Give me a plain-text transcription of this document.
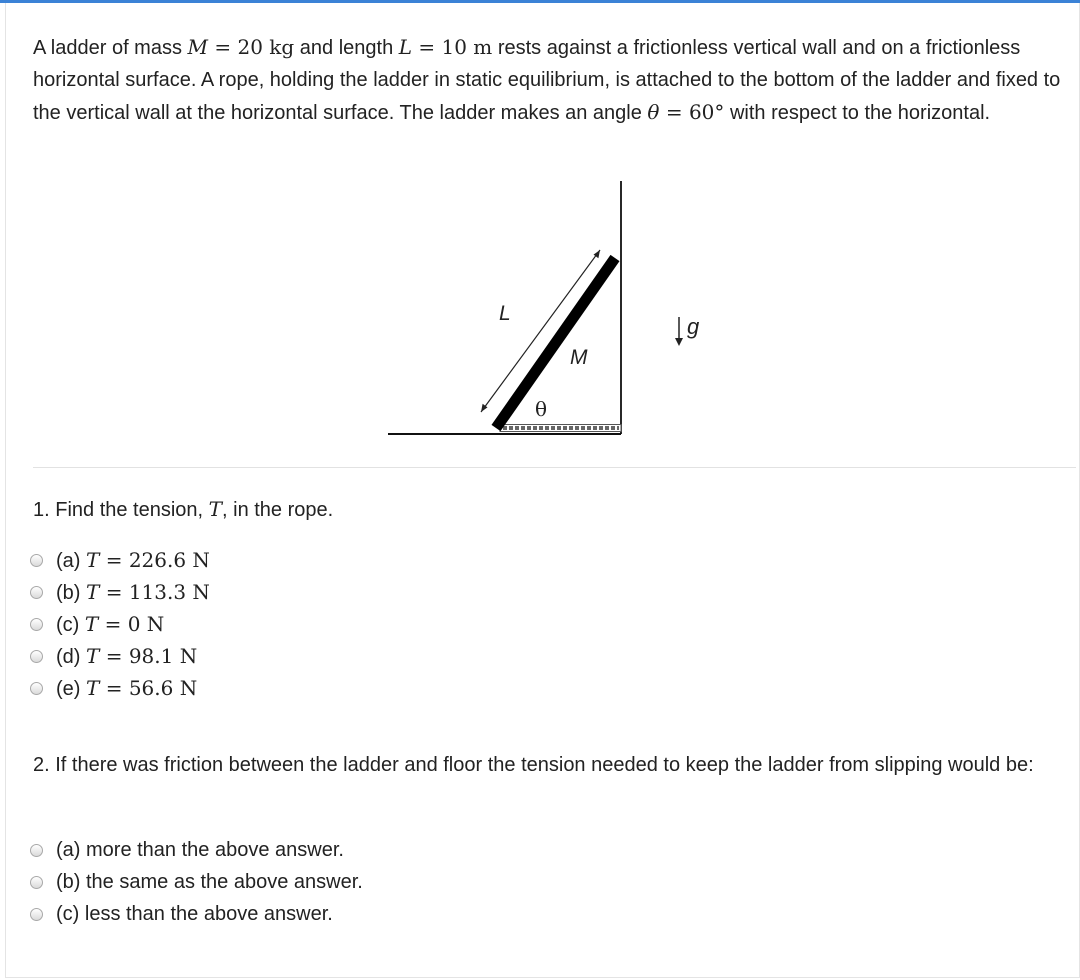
A ladder of mass M = 20 kg and length L = 10 m rests against a frictionless vertical wall and on a frictionless horizontal surface. A rope, holding the ladder in static equilibrium, is attached to the bottom of the ladder and fixed to the vertical wall at the horizontal surface. The ladder makes an angle θ = 60° with respect to the horizontal.

L
M
θ
g

1. Find the tension, T, in the rope.

(a) T = 226.6 N
(b) T = 113.3 N
(c) T = 0 N
(d) T = 98.1 N
(e) T = 56.6 N

2. If there was friction between the ladder and floor the tension needed to keep the ladder from slipping would be:

(a) more than the above answer.
(b) the same as the above answer.
(c) less than the above answer.
